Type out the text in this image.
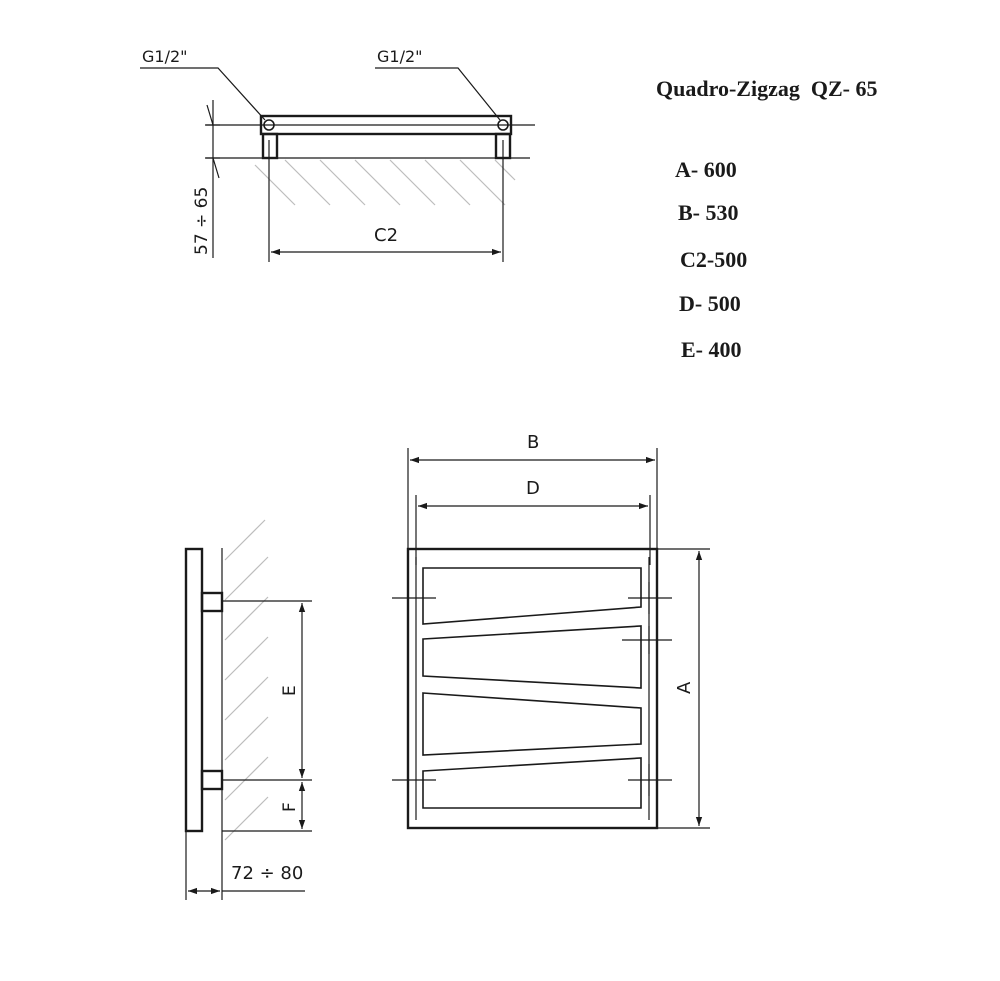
G1/2"	G1/2"
57 ÷ 65	C2
Quadro-Zigzag  QZ- 65
A- 600
B- 530
C2-500
D- 500
E- 400
E
F
72 ÷ 80
B
D
A
